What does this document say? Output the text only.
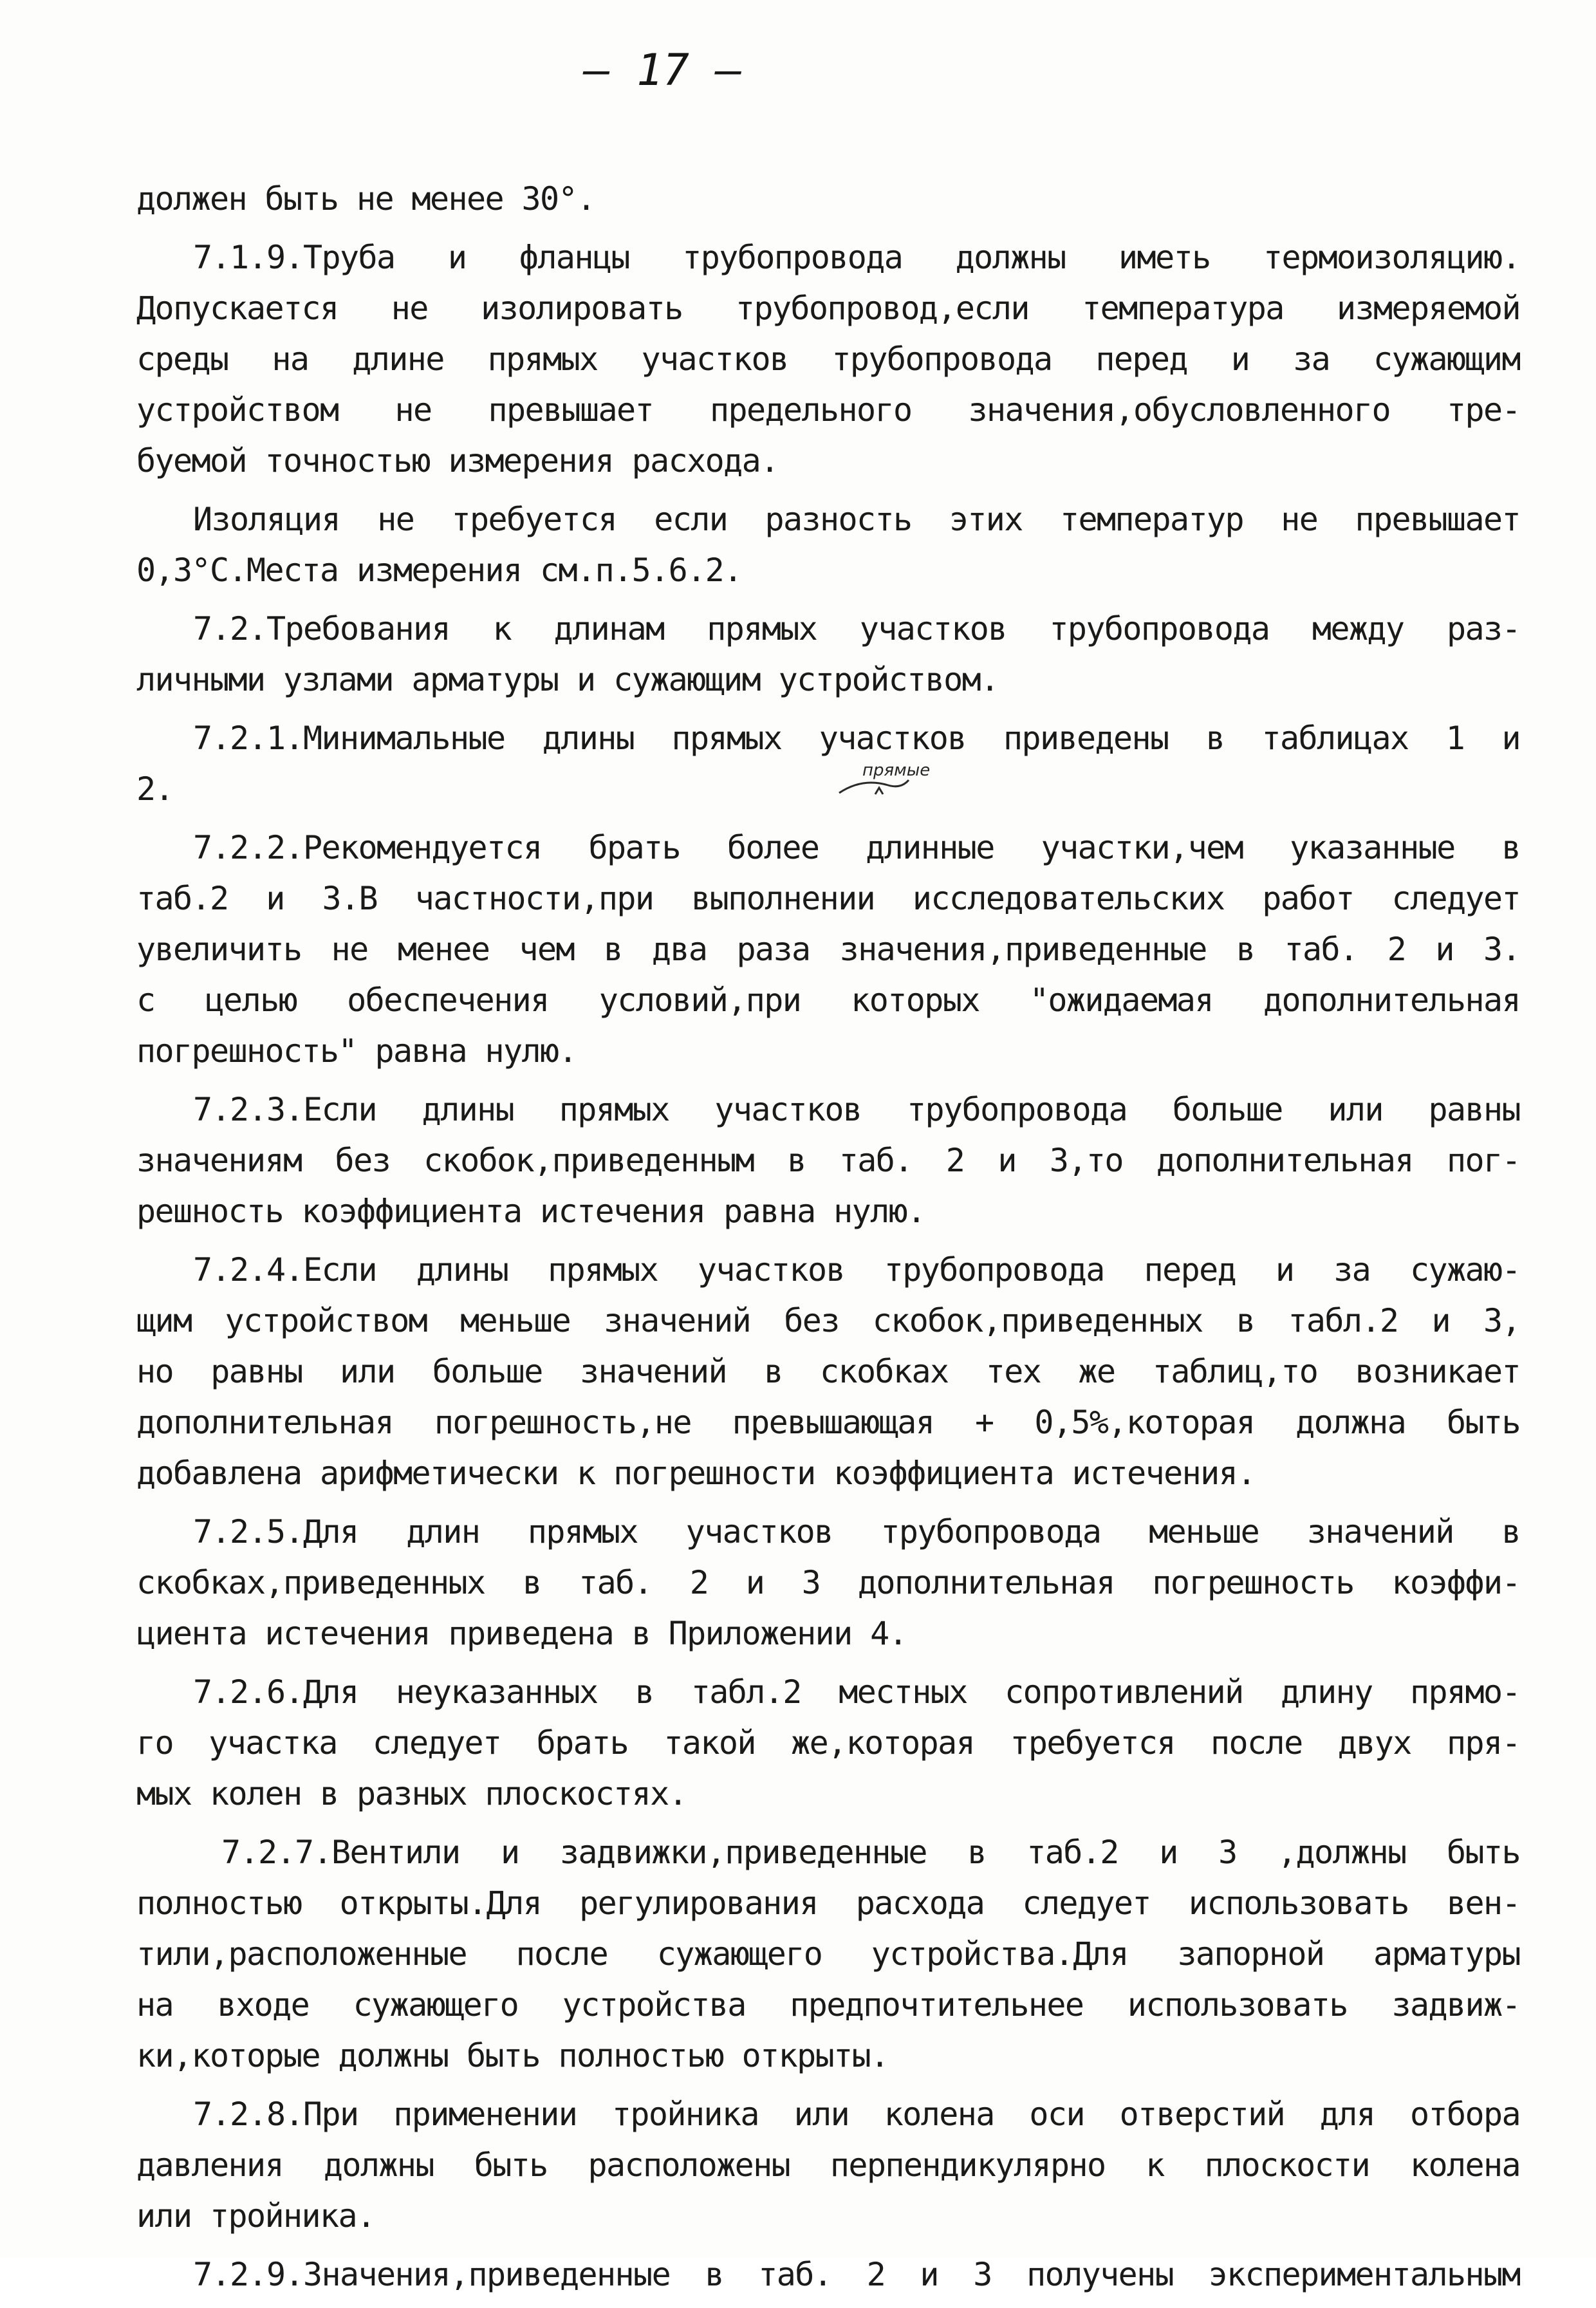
– 17 –
должен быть не менее 30°.
7.1.9.Труба и фланцы трубопровода должны иметь термоизоляцию.
Допускается не изолировать трубопровод,если температура измеряемой
среды на длине прямых участков трубопровода перед и за сужающим
устройством не превышает предельного значения,обусловленного тре-
буемой точностью измерения расхода.
Изоляция не требуется если разность этих температур не превышает
0,3°С.Места измерения см.п.5.6.2.
7.2.Требования к длинам прямых участков трубопровода между раз-
личными узлами арматуры и сужающим устройством.
7.2.1.Минимальные длины прямых участков приведены в таблицах 1 и
2.
7.2.2.Рекомендуется брать более длинные участки,чем указанные в
таб.2 и 3.В частности,при выполнении исследовательских работ следует
увеличить не менее чем в два раза значения,приведенные в таб. 2 и 3.
с целью обеспечения условий,при которых "ожидаемая дополнительная
погрешность" равна нулю.
7.2.3.Если длины прямых участков трубопровода больше или равны
значениям без скобок,приведенным в таб. 2 и 3,то дополнительная пог-
решность коэффициента истечения равна нулю.
7.2.4.Если длины прямых участков трубопровода перед и за сужаю-
щим устройством меньше значений без скобок,приведенных в табл.2 и 3,
но равны или больше значений в скобках тех же таблиц,то возникает
дополнительная погрешность,не превышающая + 0,5%,которая должна быть
добавлена арифметически к погрешности коэффициента истечения.
7.2.5.Для длин прямых участков трубопровода меньше значений в
скобках,приведенных в таб. 2 и 3 дополнительная погрешность коэффи-
циента истечения приведена в Приложении 4.
7.2.6.Для неуказанных в табл.2 местных сопротивлений длину прямо-
го участка следует брать такой же,которая требуется после двух пря-
мых колен в разных плоскостях.
7.2.7.Вентили и задвижки,приведенные в таб.2 и 3 ,должны быть
полностью открыты.Для регулирования расхода следует использовать вен-
тили,расположенные после сужающего устройства.Для запорной арматуры
на входе сужающего устройства предпочтительнее использовать задвиж-
ки,которые должны быть полностью открыты.
7.2.8.При применении тройника или колена оси отверстий для отбора
давления должны быть расположены перпендикулярно к плоскости колена
или тройника.
7.2.9.Значения,приведенные в таб. 2 и 3 получены экспериментальным
прямые
